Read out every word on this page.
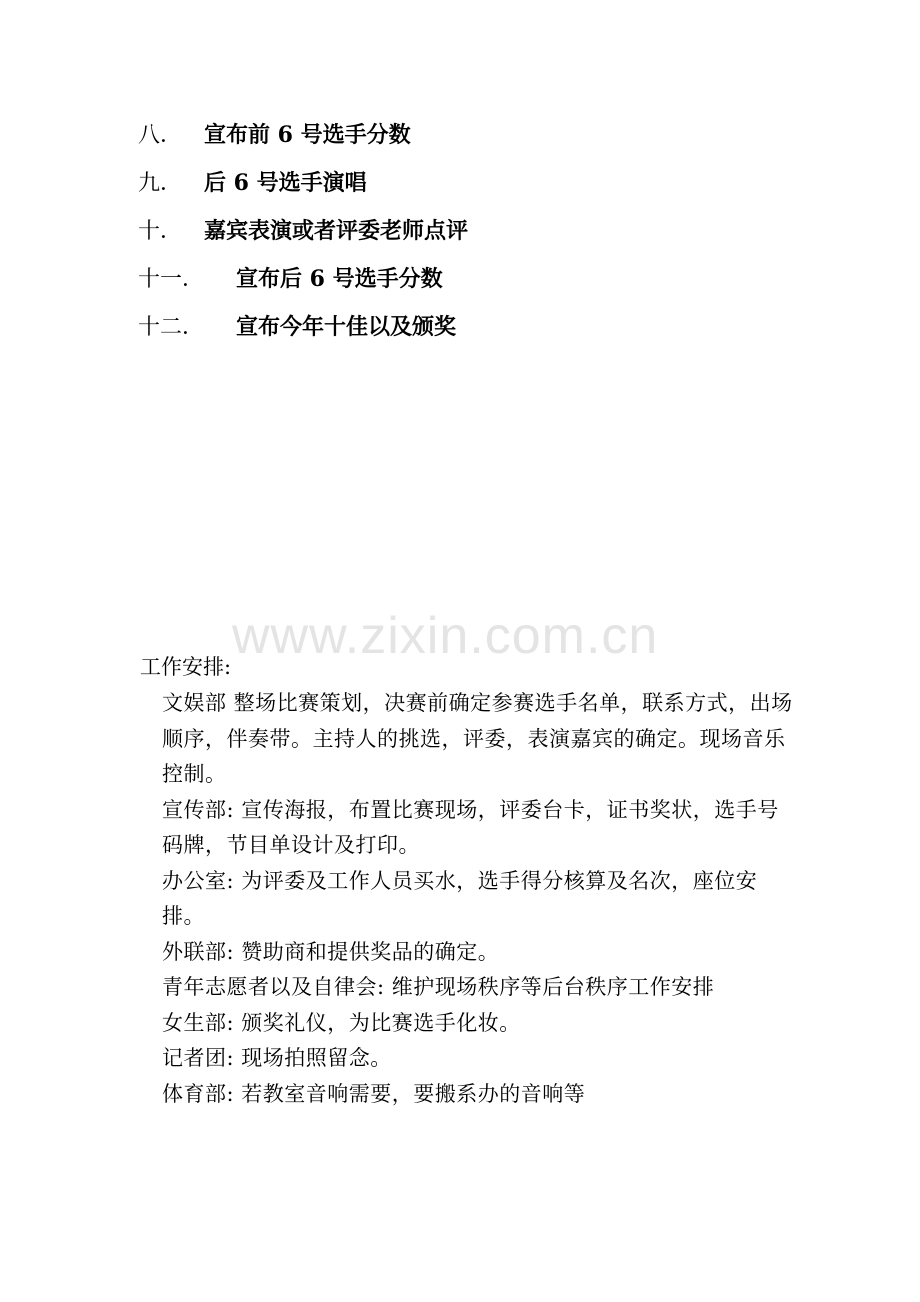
八． 宣布前 6 号选手分数
九． 后 6 号选手演唱
十． 嘉宾表演或者评委老师点评
十一．	宣布后 6 号选手分数
十二．	宣布今年十佳以及颁奖
www.zixin.com.cn

工作安排:

文娱部 整场比赛策划，决赛前确定参赛选手名单，联系方式，出场顺序，伴奏带。主持人的挑选，评委，表演嘉宾的确定。现场音乐控制。

宣传部: 宣传海报，布置比赛现场，评委台卡，证书奖状，选手号码牌，节目单设计及打印。

办公室: 为评委及工作人员买水，选手得分核算及名次，座位安排。

外联部: 赞助商和提供奖品的确定。

青年志愿者以及自律会: 维护现场秩序等后台秩序工作安排

女生部: 颁奖礼仪，为比赛选手化妆。

记者团: 现场拍照留念。

体育部: 若教室音响需要，要搬系办的音响等
